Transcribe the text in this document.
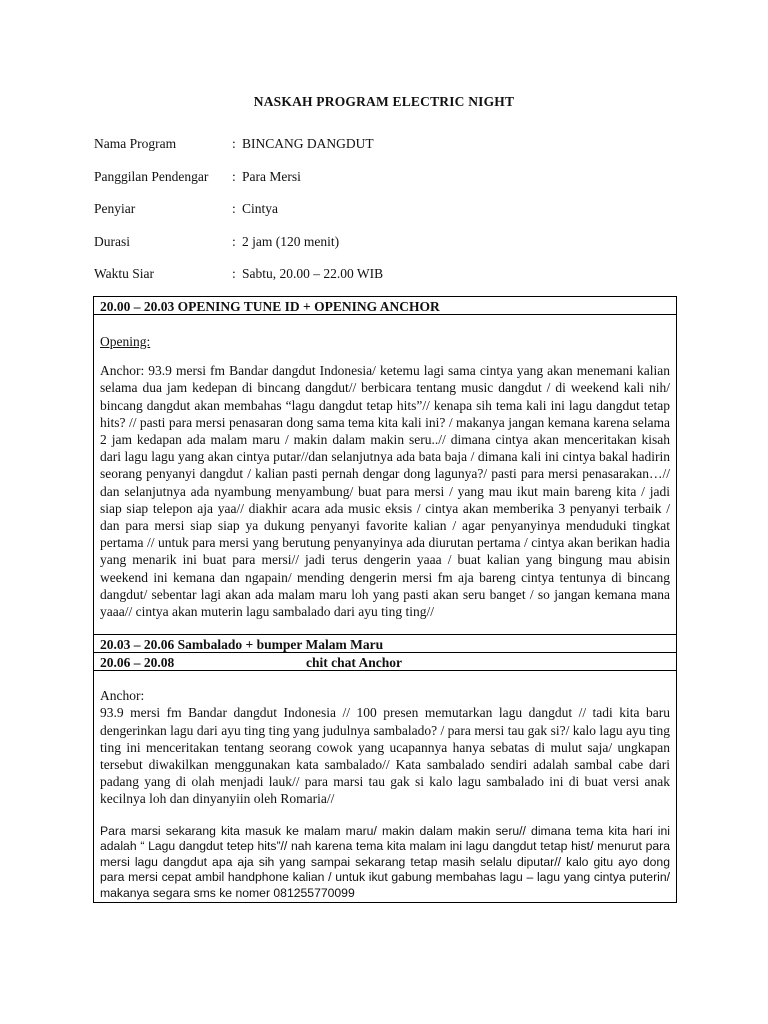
NASKAH PROGRAM ELECTRIC NIGHT
Nama Program	: BINCANG DANGDUT
Panggilan Pendengar	: Para Mersi
Penyiar	: Cintya
Durasi	: 2 jam (120 menit)
Waktu Siar	: Sabtu, 20.00 – 22.00 WIB
20.00 – 20.03 OPENING TUNE ID + OPENING ANCHOR

Opening:

Anchor: 93.9 mersi fm Bandar dangdut Indonesia/ ketemu lagi sama cintya yang akan menemani kalian selama dua jam kedepan di bincang dangdut// berbicara tentang music dangdut / di weekend kali nih/ bincang dangdut akan membahas “lagu dangdut tetap hits”// kenapa sih tema kali ini lagu dangdut tetap hits? // pasti para mersi penasaran dong sama tema kita kali ini? / makanya jangan kemana karena selama 2 jam kedapan ada malam maru / makin dalam makin seru..// dimana cintya akan menceritakan kisah dari lagu lagu yang akan cintya putar//dan selanjutnya ada bata baja / dimana kali ini cintya bakal hadirin seorang penyanyi dangdut / kalian pasti pernah dengar dong lagunya?/ pasti para mersi penasarakan…// dan selanjutnya ada nyambung menyambung/ buat para mersi / yang mau ikut main bareng kita / jadi siap siap telepon aja yaa// diakhir acara ada music eksis / cintya akan memberika 3 penyanyi terbaik / dan para mersi siap siap ya dukung penyanyi favorite kalian / agar penyanyinya menduduki tingkat pertama // untuk para mersi yang berutung penyanyinya ada diurutan pertama / cintya akan berikan hadia yang menarik ini buat para mersi// jadi terus dengerin yaaa / buat kalian yang bingung mau abisin weekend ini kemana dan ngapain/ mending dengerin mersi fm aja bareng cintya tentunya di bincang dangdut/ sebentar lagi akan ada malam maru loh yang pasti akan seru banget / so jangan kemana mana yaaa// cintya akan muterin lagu sambalado dari ayu ting ting//

20.03 – 20.06 Sambalado + bumper Malam Maru
20.06 – 20.08	chit chat Anchor

Anchor:

93.9 mersi fm Bandar dangdut Indonesia // 100 presen memutarkan lagu dangdut // tadi kita baru dengerinkan lagu dari ayu ting ting yang judulnya sambalado? / para mersi tau gak si?/ kalo lagu ayu ting ting ini menceritakan tentang seorang cowok yang ucapannya hanya sebatas di mulut saja/ ungkapan tersebut diwakilkan menggunakan kata sambalado// Kata sambalado sendiri adalah sambal cabe dari padang yang di olah menjadi lauk// para marsi tau gak si kalo lagu sambalado ini di buat versi anak kecilnya loh dan dinyanyiin oleh Romaria//

Para marsi sekarang kita masuk ke malam maru/ makin dalam makin seru// dimana tema kita hari ini adalah “ Lagu dangdut tetep hits”// nah karena tema kita malam ini lagu dangdut tetap hist/ menurut para mersi lagu dangdut apa aja sih yang sampai sekarang tetap masih selalu diputar// kalo gitu ayo dong para mersi cepat ambil handphone kalian / untuk ikut gabung membahas lagu – lagu yang cintya puterin/ makanya segara sms ke nomer 081255770099
